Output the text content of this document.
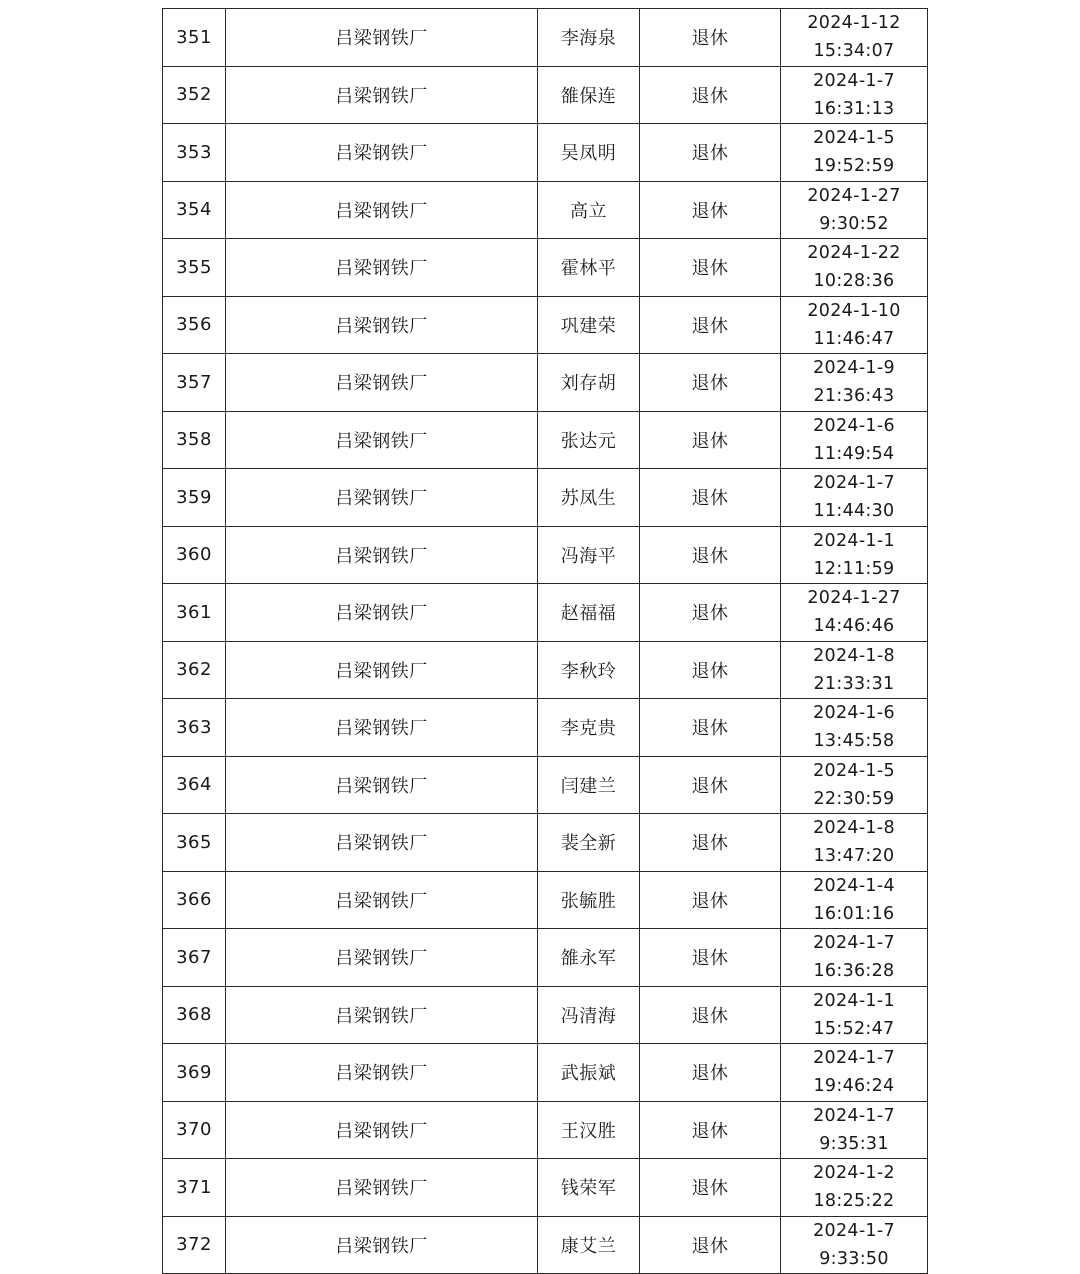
351	吕梁钢铁厂	李海泉	退休	2024-1-12
15:34:07

352	吕梁钢铁厂	雒保连	退休	2024-1-7
16:31:13

353	吕梁钢铁厂	吴凤明	退休	2024-1-5
19:52:59

354	吕梁钢铁厂	高立	退休	2024-1-27
9:30:52

355	吕梁钢铁厂	霍林平	退休	2024-1-22
10:28:36

356	吕梁钢铁厂	巩建荣	退休	2024-1-10
11:46:47

357	吕梁钢铁厂	刘存胡	退休	2024-1-9
21:36:43

358	吕梁钢铁厂	张达元	退休	2024-1-6
11:49:54

359	吕梁钢铁厂	苏凤生	退休	2024-1-7
11:44:30

360	吕梁钢铁厂	冯海平	退休	2024-1-1
12:11:59

361	吕梁钢铁厂	赵福福	退休	2024-1-27
14:46:46

362	吕梁钢铁厂	李秋玲	退休	2024-1-8
21:33:31

363	吕梁钢铁厂	李克贵	退休	2024-1-6
13:45:58

364	吕梁钢铁厂	闫建兰	退休	2024-1-5
22:30:59

365	吕梁钢铁厂	裴全新	退休	2024-1-8
13:47:20

366	吕梁钢铁厂	张毓胜	退休	2024-1-4
16:01:16

367	吕梁钢铁厂	雒永军	退休	2024-1-7
16:36:28

368	吕梁钢铁厂	冯清海	退休	2024-1-1
15:52:47

369	吕梁钢铁厂	武振斌	退休	2024-1-7
19:46:24

370	吕梁钢铁厂	王汉胜	退休	2024-1-7
9:35:31

371	吕梁钢铁厂	钱荣军	退休	2024-1-2
18:25:22

372	吕梁钢铁厂	康艾兰	退休	2024-1-7
9:33:50
